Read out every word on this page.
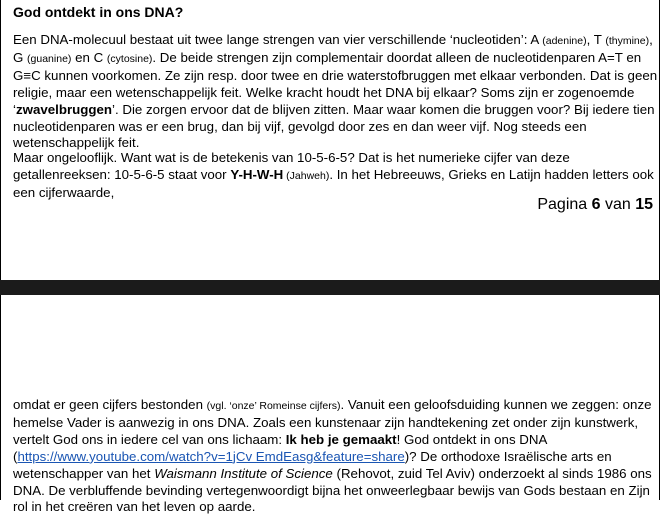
God ontdekt in ons DNA?
Een DNA-molecuul bestaat uit twee lange strengen van vier verschillende ‘nucleotiden’: A (adenine), T (thymine), G (guanine) en C (cytosine). De beide strengen zijn complementair doordat alleen de nucleotidenparen A=T en G≡C kunnen voorkomen. Ze zijn resp. door twee en drie waterstofbruggen met elkaar verbonden. Dat is geen religie, maar een wetenschappelijk feit. Welke kracht houdt het DNA bij elkaar? Soms zijn er zogenoemde ‘zwavelbruggen’. Die zorgen ervoor dat de blijven zitten. Maar waar komen die bruggen voor? Bij iedere tien nucleotidenparen was er een brug, dan bij vijf, gevolgd door zes en dan weer vijf. Nog steeds een wetenschappelijk feit.
Maar ongelooflijk. Want wat is de betekenis van 10-5-6-5? Dat is het numerieke cijfer van deze getallenreeksen: 10-5-6-5 staat voor Y-H-W-H (Jahweh). In het Hebreeuws, Grieks en Latijn hadden letters ook een cijferwaarde,
Pagina 6 van 15
omdat er geen cijfers bestonden (vgl. ‘onze’ Romeinse cijfers). Vanuit een geloofsduiding kunnen we zeggen: onze hemelse Vader is aanwezig in ons DNA. Zoals een kunstenaar zijn handtekening zet onder zijn kunstwerk, vertelt God ons in iedere cel van ons lichaam: Ik heb je gemaakt! God ontdekt in ons DNA (https://www.youtube.com/watch?v=1jCv EmdEasg&feature=share)? De orthodoxe Israëlische arts en wetenschapper van het Waismann Institute of Science (Rehovot, zuid Tel Aviv) onderzoekt al sinds 1986 ons DNA. De verbluffende bevinding vertegenwoordigt bijna het onweerlegbaar bewijs van Gods bestaan en Zijn rol in het creëren van het leven op aarde.
